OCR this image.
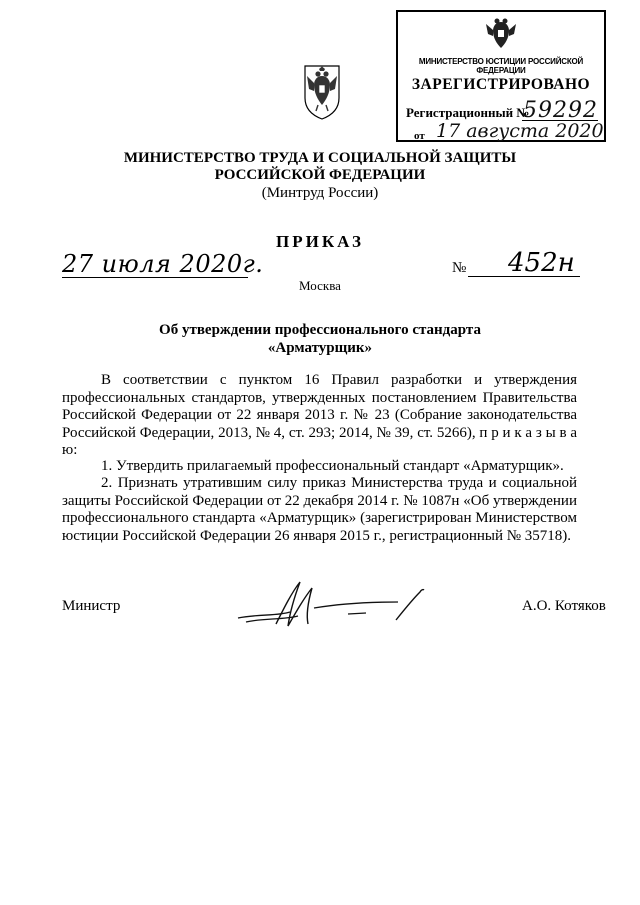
МИНИСТЕРСТВО ЮСТИЦИИ РОССИЙСКОЙ ФЕДЕРАЦИИ
ЗАРЕГИСТРИРОВАНО
Регистрационный №
59292
от 17 августа 2020
МИНИСТЕРСТВО ТРУДА И СОЦИАЛЬНОЙ ЗАЩИТЫ
РОССИЙСКОЙ ФЕДЕРАЦИИ
(Минтруд России)
ПРИКАЗ
27 июля 2020г.	№ 452н
Москва
Об утверждении профессионального стандарта
«Арматурщик»
В соответствии с пунктом 16 Правил разработки и утверждения профессиональных стандартов, утвержденных постановлением Правительства Российской Федерации от 22 января 2013 г. № 23 (Собрание законодательства Российской Федерации, 2013, № 4, ст. 293; 2014, № 39, ст. 5266), п р и к а з ы в а ю:
1. Утвердить прилагаемый профессиональный стандарт «Арматурщик».
2. Признать утратившим силу приказ Министерства труда и социальной защиты Российской Федерации от 22 декабря 2014 г. № 1087н «Об утверждении профессионального стандарта «Арматурщик» (зарегистрирован Министерством юстиции Российской Федерации 26 января 2015 г., регистрационный № 35718).
Министр	А.О. Котяков
